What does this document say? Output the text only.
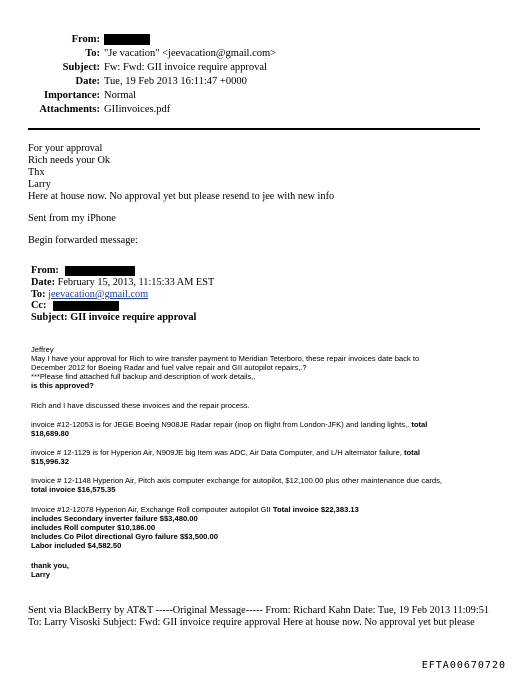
From:
To: "Je vacation" <jeevacation@gmail.com>
Subject: Fw: Fwd: GII invoice require approval
Date: Tue, 19 Feb 2013 16:11:47 +0000
Importance: Normal
Attachments: GIIinvoices.pdf
For your approval
Rich needs your Ok
Thx
Larry
Here at house now. No approval yet but please resend to jee with new info
Sent from my iPhone
Begin forwarded message:
From:
Date: February 15, 2013, 11:15:33 AM EST
To: jeevacation@gmail.com
Cc:
Subject: GII invoice require approval
Jeffrey
May I have your approval for Rich to wire transfer payment to Meridian Teterboro, these repair invoices date back to
December 2012 for Boeing Radar and fuel valve repair and GII autopilot repairs,.?
***Please find attached full backup and description of work details,.
is this approved?
Rich and I have discussed these invoices and the repair process.
invoice #12-12053 is for JEGE Boeing N908JE Radar repair (inop on flight from London-JFK) and landing lights,. total
$18,689.80
invoice # 12-1129 is for Hyperion Air, N909JE big Item was ADC, Air Data Computer, and L/H alternator failure, total
$15,996.32
Invoice # 12-1148 Hyperion Air, Pitch axis computer exchange for autopilot, $12,100.00 plus other maintenance due cards,
total invoice $16,575.35
Invoice #12-12078 Hyperion Air, Exchange Roll compouter autopilot GII Total invoice $22,383.13
includes Secondary inverter failure $$3,480.00
includes Roll computer $10,186.00
Includes Co Pilot directional Gyro failure $$3,500.00
Labor included $4,582.50
thank you,
Larry
Sent via BlackBerry by AT&T -----Original Message----- From: Richard Kahn Date: Tue, 19 Feb 2013 11:09:51
To: Larry Visoski Subject: Fwd: GII invoice require approval Here at house now. No approval yet but please
EFTA00670720
